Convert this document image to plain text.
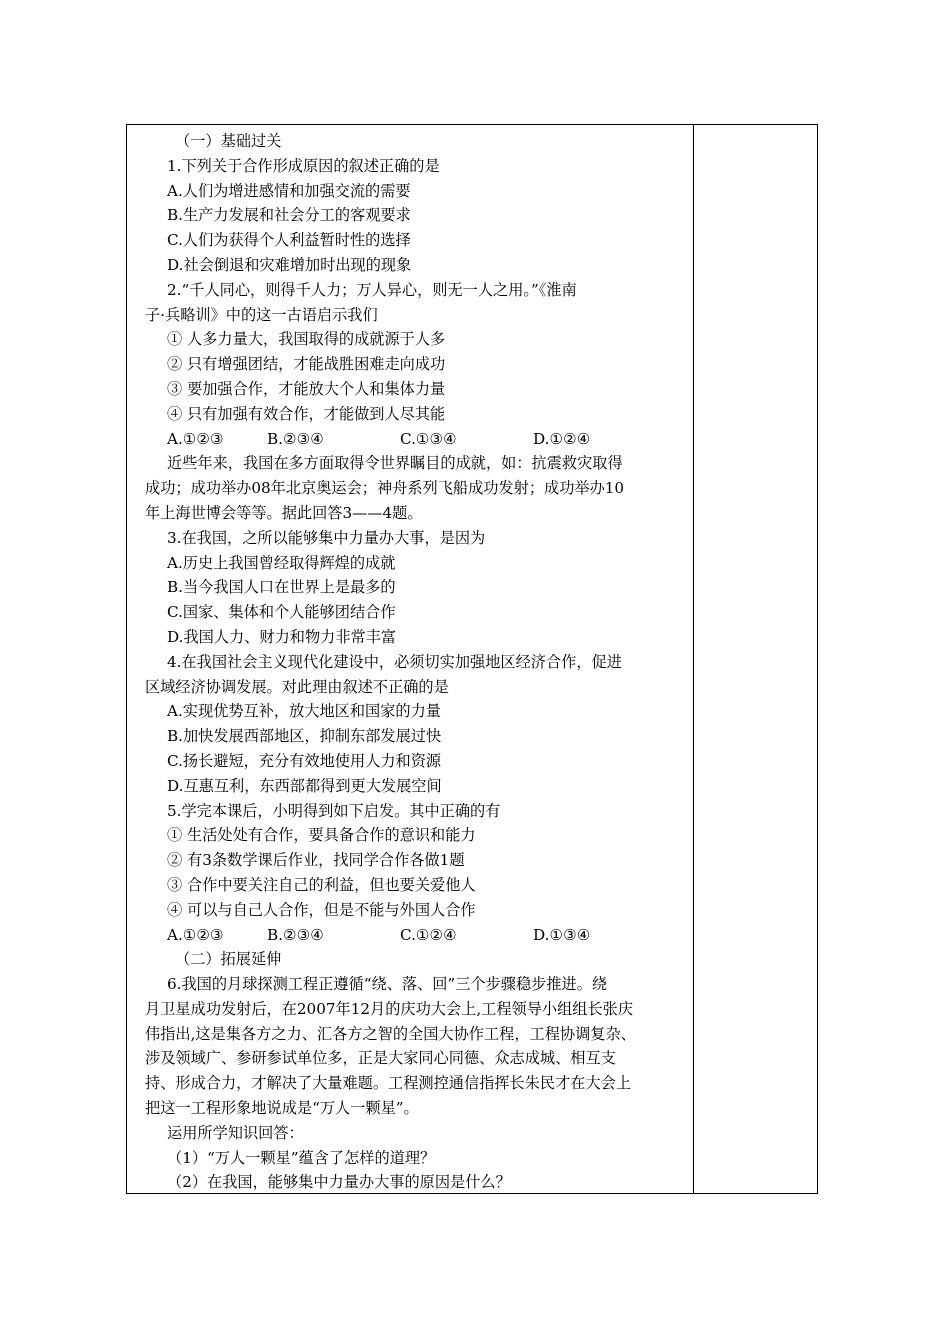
（一）基础过关
1.下列关于合作形成原因的叙述正确的是
A.人们为增进感情和加强交流的需要
B.生产力发展和社会分工的客观要求
C.人们为获得个人利益暂时性的选择
D.社会倒退和灾难增加时出现的现象
2.“千人同心，则得千人力；万人异心，则无一人之用。”《淮南
子·兵略训》中的这一古语启示我们
① 人多力量大，我国取得的成就源于人多
② 只有增强团结，才能战胜困难走向成功
③ 要加强合作，才能放大个人和集体力量
④ 只有加强有效合作，才能做到人尽其能
A.①②③	B.②③④	C.①③④	D.①②④
近些年来，我国在多方面取得令世界瞩目的成就，如：抗震救灾取得
成功；成功举办08年北京奥运会；神舟系列飞船成功发射；成功举办10
年上海世博会等等。据此回答3——4题。
3.在我国，之所以能够集中力量办大事，是因为
A.历史上我国曾经取得辉煌的成就
B.当今我国人口在世界上是最多的
C.国家、集体和个人能够团结合作
D.我国人力、财力和物力非常丰富
4.在我国社会主义现代化建设中，必须切实加强地区经济合作，促进
区域经济协调发展。对此理由叙述不正确的是
A.实现优势互补，放大地区和国家的力量
B.加快发展西部地区，抑制东部发展过快
C.扬长避短，充分有效地使用人力和资源
D.互惠互利，东西部都得到更大发展空间
5.学完本课后，小明得到如下启发。其中正确的有
① 生活处处有合作，要具备合作的意识和能力
② 有3条数学课后作业，找同学合作各做1题
③ 合作中要关注自己的利益，但也要关爱他人
④ 可以与自己人合作，但是不能与外国人合作
A.①②③	B.②③④	C.①②④	D.①③④
（二）拓展延伸
6.我国的月球探测工程正遵循“绕、落、回”三个步骤稳步推进。绕
月卫星成功发射后，在2007年12月的庆功大会上,工程领导小组组长张庆
伟指出,这是集各方之力、汇各方之智的全国大协作工程，工程协调复杂、
涉及领域广、参研参试单位多，正是大家同心同德、众志成城、相互支
持、形成合力，才解决了大量难题。工程测控通信指挥长朱民才在大会上
把这一工程形象地说成是“万人一颗星”。
运用所学知识回答：
（1）“万人一颗星”蕴含了怎样的道理？
（2）在我国，能够集中力量办大事的原因是什么？
